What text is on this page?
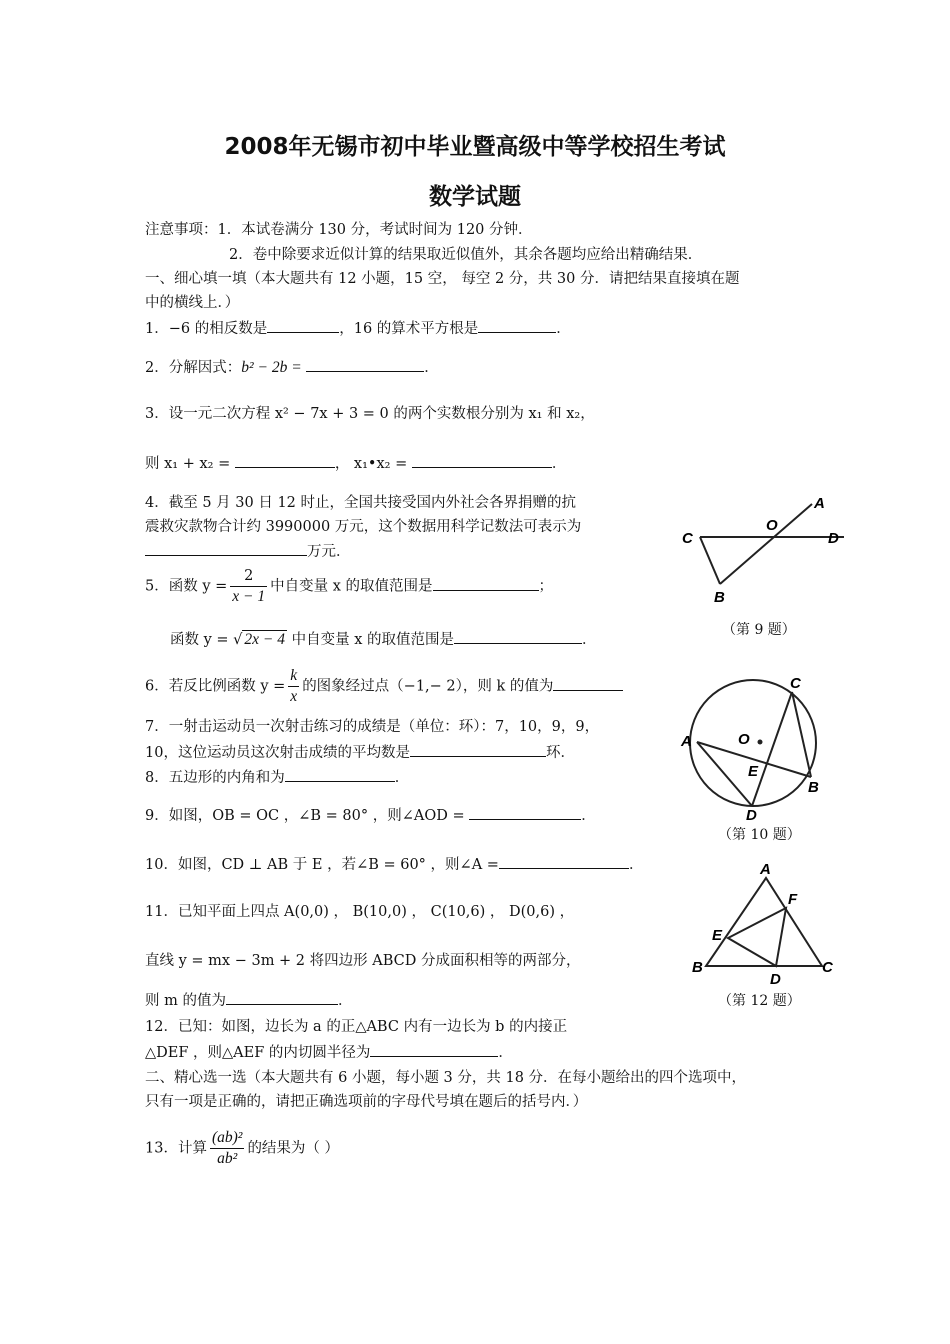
2008年无锡市初中毕业暨高级中等学校招生考试
数学试题
注意事项：1．本试卷满分 130 分，考试时间为 120 分钟．
2．卷中除要求近似计算的结果取近似值外，其余各题均应给出精确结果．
一、细心填一填（本大题共有 12 小题，15 空， 每空 2 分，共 30 分．请把结果直接填在题
中的横线上．）
1．−6 的相反数是	，16 的算术平方根是	．
2．分解因式：b² − 2b =	．
3．设一元二次方程 x² − 7x + 3 = 0 的两个实数根分别为 x₁ 和 x₂，
则 x₁ + x₂ =	， x₁•x₂ =	．
4．截至 5 月 30 日 12 时止，全国共接受国内外社会各界捐赠的抗
震救灾款物合计约 3990000 万元，这个数据用科学记数法可表示为
万元．
5．函数 $y = \frac{2}{x - 1}$ 中自变量 x 的取值范围是	；
函数 y = √ 2x − 4 中自变量 x 的取值范围是	．
6．若反比例函数 $y = \frac{k}{x}$ 的图象经过点（−1,− 2），则 k 的值为
7．一射击运动员一次射击练习的成绩是（单位：环）：7，10，9，9，
10，这位运动员这次射击成绩的平均数是	环．
8．五边形的内角和为	．
9．如图，OB = OC ，∠B = 80° ，则∠AOD =	．
10．如图，CD ⊥ AB 于 E ，若∠B = 60° ，则∠A =	．
11．已知平面上四点 A(0,0) ， B(10,0) ， C(10,6) ， D(0,6) ，
直线 y = mx − 3m + 2 将四边形 ABCD 分成面积相等的两部分，
则 m 的值为	．
12．已知：如图，边长为 a 的正△ABC 内有一边长为 b 的内接正
△DEF ，则△AEF 的内切圆半径为	．
二、精心选一选（本大题共有 6 小题，每小题 3 分，共 18 分．在每小题给出的四个选项中，
只有一项是正确的，请把正确选项前的字母代号填在题后的括号内．）
13．计算 $\frac{\text{(ab)²}}{\text{ab²}}$ 的结果为（ ）
A
O
C	D
B
（第 9 题）
C
O
A
E
B
D
（第 10 题）
A
F
E
B
D
C
（第 12 题）
